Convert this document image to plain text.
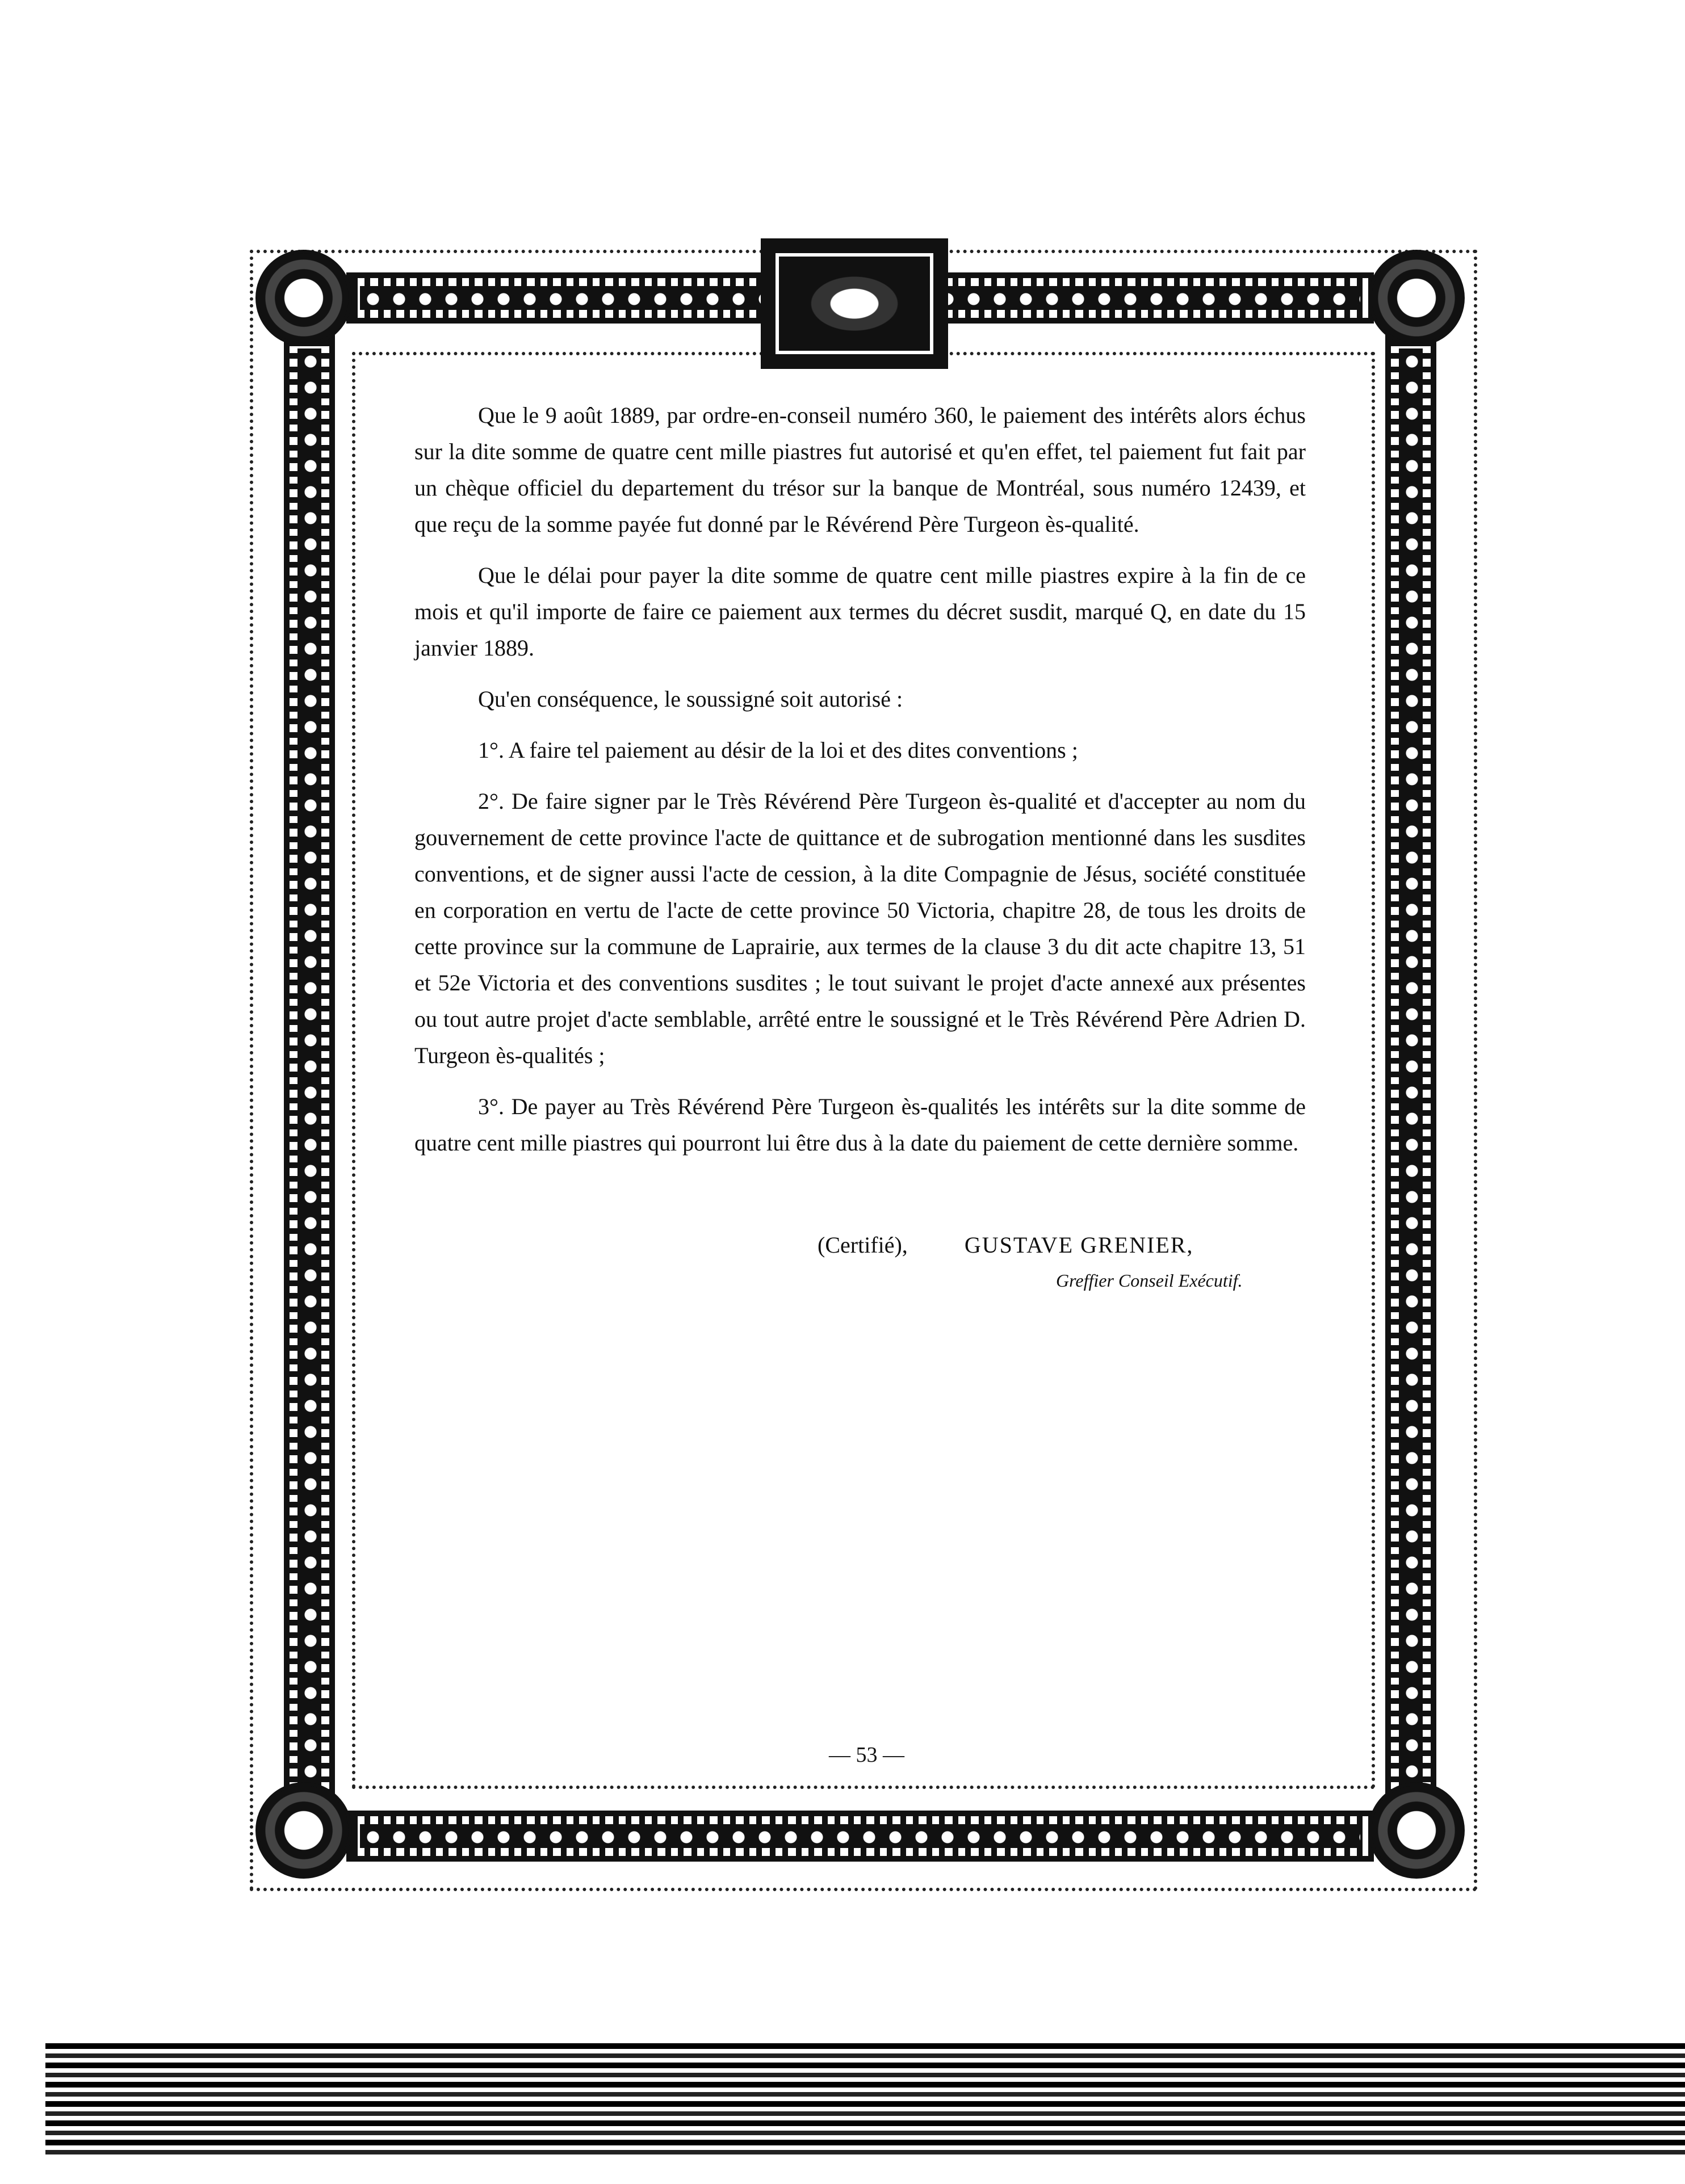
Que le 9 août 1889, par ordre-en-conseil numéro 360, le paiement des intérêts alors échus sur la dite somme de quatre cent mille piastres fut autorisé et qu'en effet, tel paiement fut fait par un chèque officiel du departement du trésor sur la banque de Montréal, sous numéro 12439, et que reçu de la somme payée fut donné par le Révérend Père Turgeon ès-qualité.

Que le délai pour payer la dite somme de quatre cent mille piastres expire à la fin de ce mois et qu'il importe de faire ce paiement aux termes du décret susdit, marqué Q, en date du 15 janvier 1889.

Qu'en conséquence, le soussigné soit autorisé :

1°. A faire tel paiement au désir de la loi et des dites conventions ;

2°. De faire signer par le Très Révérend Père Turgeon ès-qualité et d'accepter au nom du gouvernement de cette province l'acte de quittance et de subrogation mentionné dans les susdites conventions, et de signer aussi l'acte de cession, à la dite Compagnie de Jésus, société constituée en corporation en vertu de l'acte de cette province 50 Victoria, chapitre 28, de tous les droits de cette province sur la commune de Laprairie, aux termes de la clause 3 du dit acte chapitre 13, 51 et 52e Victoria et des conventions susdites ; le tout suivant le projet d'acte annexé aux présentes ou tout autre projet d'acte semblable, arrêté entre le soussigné et le Très Révérend Père Adrien D. Turgeon ès-qualités ;

3°. De payer au Très Révérend Père Turgeon ès-qualités les intérêts sur la dite somme de quatre cent mille piastres qui pourront lui être dus à la date du paiement de cette dernière somme.

(Certifié),	GUSTAVE GRENIER,
Greffier Conseil Exécutif.
— 53 —
